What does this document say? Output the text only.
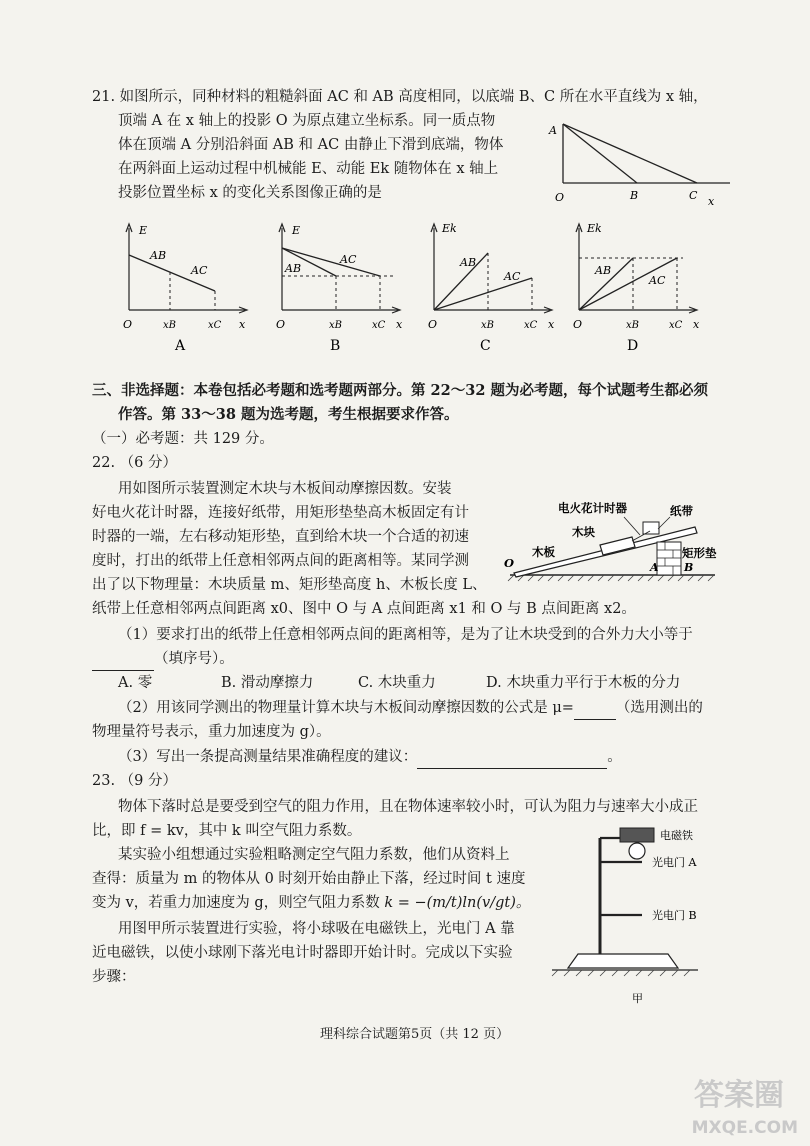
21. 如图所示，同种材料的粗糙斜面 AC 和 AB 高度相同，以底端 B、C 所在水平直线为 x 轴，
顶端 A 在 x 轴上的投影 O 为原点建立坐标系。同一质点物
体在顶端 A 分别沿斜面 AB 和 AC 由静止下滑到底端，物体
在两斜面上运动过程中机械能 E、动能 Ek 随物体在 x 轴上
投影位置坐标 x 的变化关系图像正确的是
A
O	B	C x
E
AB
AC
O	xB	xC x
A
E
AB
AC
O	xB	xC x
B
Ek
AB
AC
O	xB	xC x
C
Ek
AB
AC
O	xB	xC x
D
三、非选择题：本卷包括必考题和选考题两部分。第 22～32 题为必考题，每个试题考生都必须
作答。第 33～38 题为选考题，考生根据要求作答。
（一）必考题：共 129 分。
22. （6 分）
用如图所示装置测定木块与木板间动摩擦因数。安装
好电火花计时器，连接好纸带，用矩形垫垫高木板固定有计
时器的一端，左右移动矩形垫，直到给木块一个合适的初速
度时，打出的纸带上任意相邻两点间的距离相等。某同学测
出了以下物理量：木块质量 m、矩形垫高度 h、木板长度 L、
纸带上任意相邻两点间距离 x0、图中 O 与 A 点间距离 x1 和 O 与 B 点间距离 x2。
电火花计时器	纸带
木块
木板	矩形垫
O	A B
（1）要求打出的纸带上任意相邻两点间的距离相等，是为了让木块受到的合外力大小等于
（填序号）。
A. 零	B. 滑动摩擦力	C. 木块重力	D. 木块重力平行于木板的分力
（2）用该同学测出的物理量计算木块与木板间动摩擦因数的公式是 μ=	（选用测出的
物理量符号表示，重力加速度为 g）。
（3）写出一条提高测量结果准确程度的建议：	。
23. （9 分）
物体下落时总是要受到空气的阻力作用，且在物体速率较小时，可认为阻力与速率大小成正
比，即 f = kv，其中 k 叫空气阻力系数。
某实验小组想通过实验粗略测定空气阻力系数，他们从资料上
查得：质量为 m 的物体从 0 时刻开始由静止下落，经过时间 t 速度
变为 v，若重力加速度为 g，则空气阻力系数 k = −(m/t)ln(v/gt)。
用图甲所示装置进行实验，将小球吸在电磁铁上，光电门 A 靠
近电磁铁，以使小球刚下落光电计时器即开始计时。完成以下实验
步骤：
电磁铁
光电门 A
光电门 B
甲
理科综合试题第5页（共 12 页）
答案圈
MXQE.COM
